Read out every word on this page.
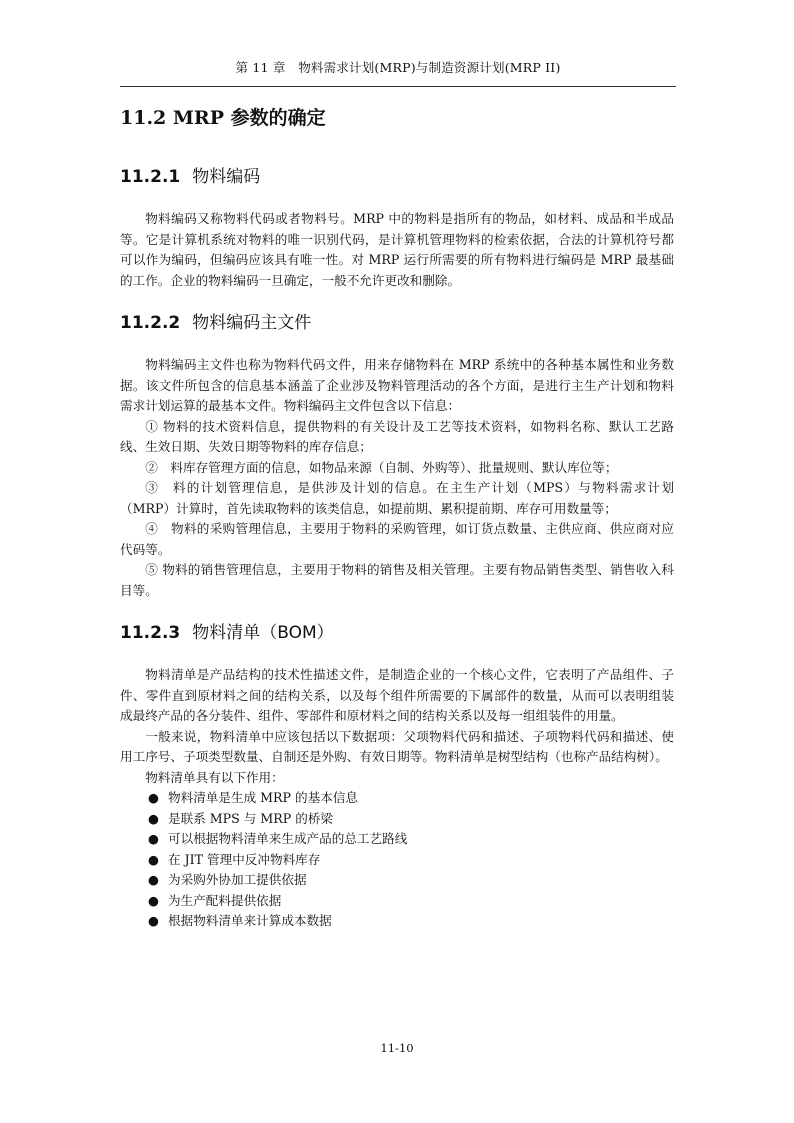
第 11 章　物料需求计划(MRP)与制造资源计划(MRP II)
11.2 MRP 参数的确定
11.2.1 物料编码

物料编码又称物料代码或者物料号。MRP 中的物料是指所有的物品，如材料、成品和半成品等。它是计算机系统对物料的唯一识别代码，是计算机管理物料的检索依据，合法的计算机符号都可以作为编码，但编码应该具有唯一性。对 MRP 运行所需要的所有物料进行编码是 MRP 最基础的工作。企业的物料编码一旦确定，一般不允许更改和删除。

11.2.2 物料编码主文件

物料编码主文件也称为物料代码文件，用来存储物料在 MRP 系统中的各种基本属性和业务数据。该文件所包含的信息基本涵盖了企业涉及物料管理活动的各个方面，是进行主生产计划和物料需求计划运算的最基本文件。物料编码主文件包含以下信息：

① 物料的技术资料信息，提供物料的有关设计及工艺等技术资料，如物料名称、默认工艺路线、生效日期、失效日期等物料的库存信息；

②　料库存管理方面的信息，如物品来源（自制、外购等）、批量规则、默认库位等；

③　料的计划管理信息，是供涉及计划的信息。在主生产计划（MPS）与物料需求计划（MRP）计算时，首先读取物料的该类信息，如提前期、累积提前期、库存可用数量等；

④　物料的采购管理信息，主要用于物料的采购管理，如订货点数量、主供应商、供应商对应代码等。

⑤ 物料的销售管理信息，主要用于物料的销售及相关管理。主要有物品销售类型、销售收入科目等。

11.2.3 物料清单（BOM）

物料清单是产品结构的技术性描述文件，是制造企业的一个核心文件，它表明了产品组件、子件、零件直到原材料之间的结构关系，以及每个组件所需要的下属部件的数量，从而可以表明组装成最终产品的各分装件、组件、零部件和原材料之间的结构关系以及每一组组装件的用量。

一般来说，物料清单中应该包括以下数据项：父项物料代码和描述、子项物料代码和描述、使用工序号、子项类型数量、自制还是外购、有效日期等。物料清单是树型结构（也称产品结构树）。

物料清单具有以下作用：

● 物料清单是生成 MRP 的基本信息
● 是联系 MPS 与 MRP 的桥梁
● 可以根据物料清单来生成产品的总工艺路线
● 在 JIT 管理中反冲物料库存
● 为采购外协加工提供依据
● 为生产配料提供依据
● 根据物料清单来计算成本数据
11-10
